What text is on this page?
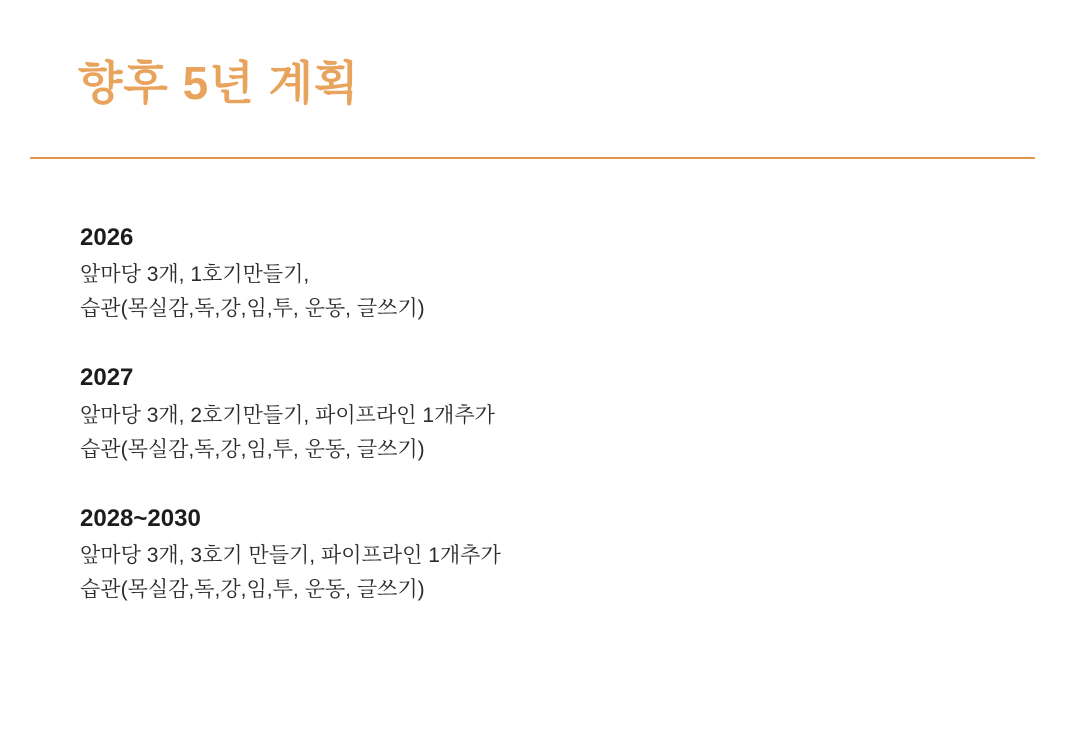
향후 5년 계획
2026
앞마당 3개, 1호기만들기,
습관(목실감,독,강,임,투, 운동, 글쓰기)
2027
앞마당 3개, 2호기만들기, 파이프라인 1개추가
습관(목실감,독,강,임,투, 운동, 글쓰기)
2028~2030
앞마당 3개, 3호기 만들기, 파이프라인 1개추가
습관(목실감,독,강,임,투, 운동, 글쓰기)
